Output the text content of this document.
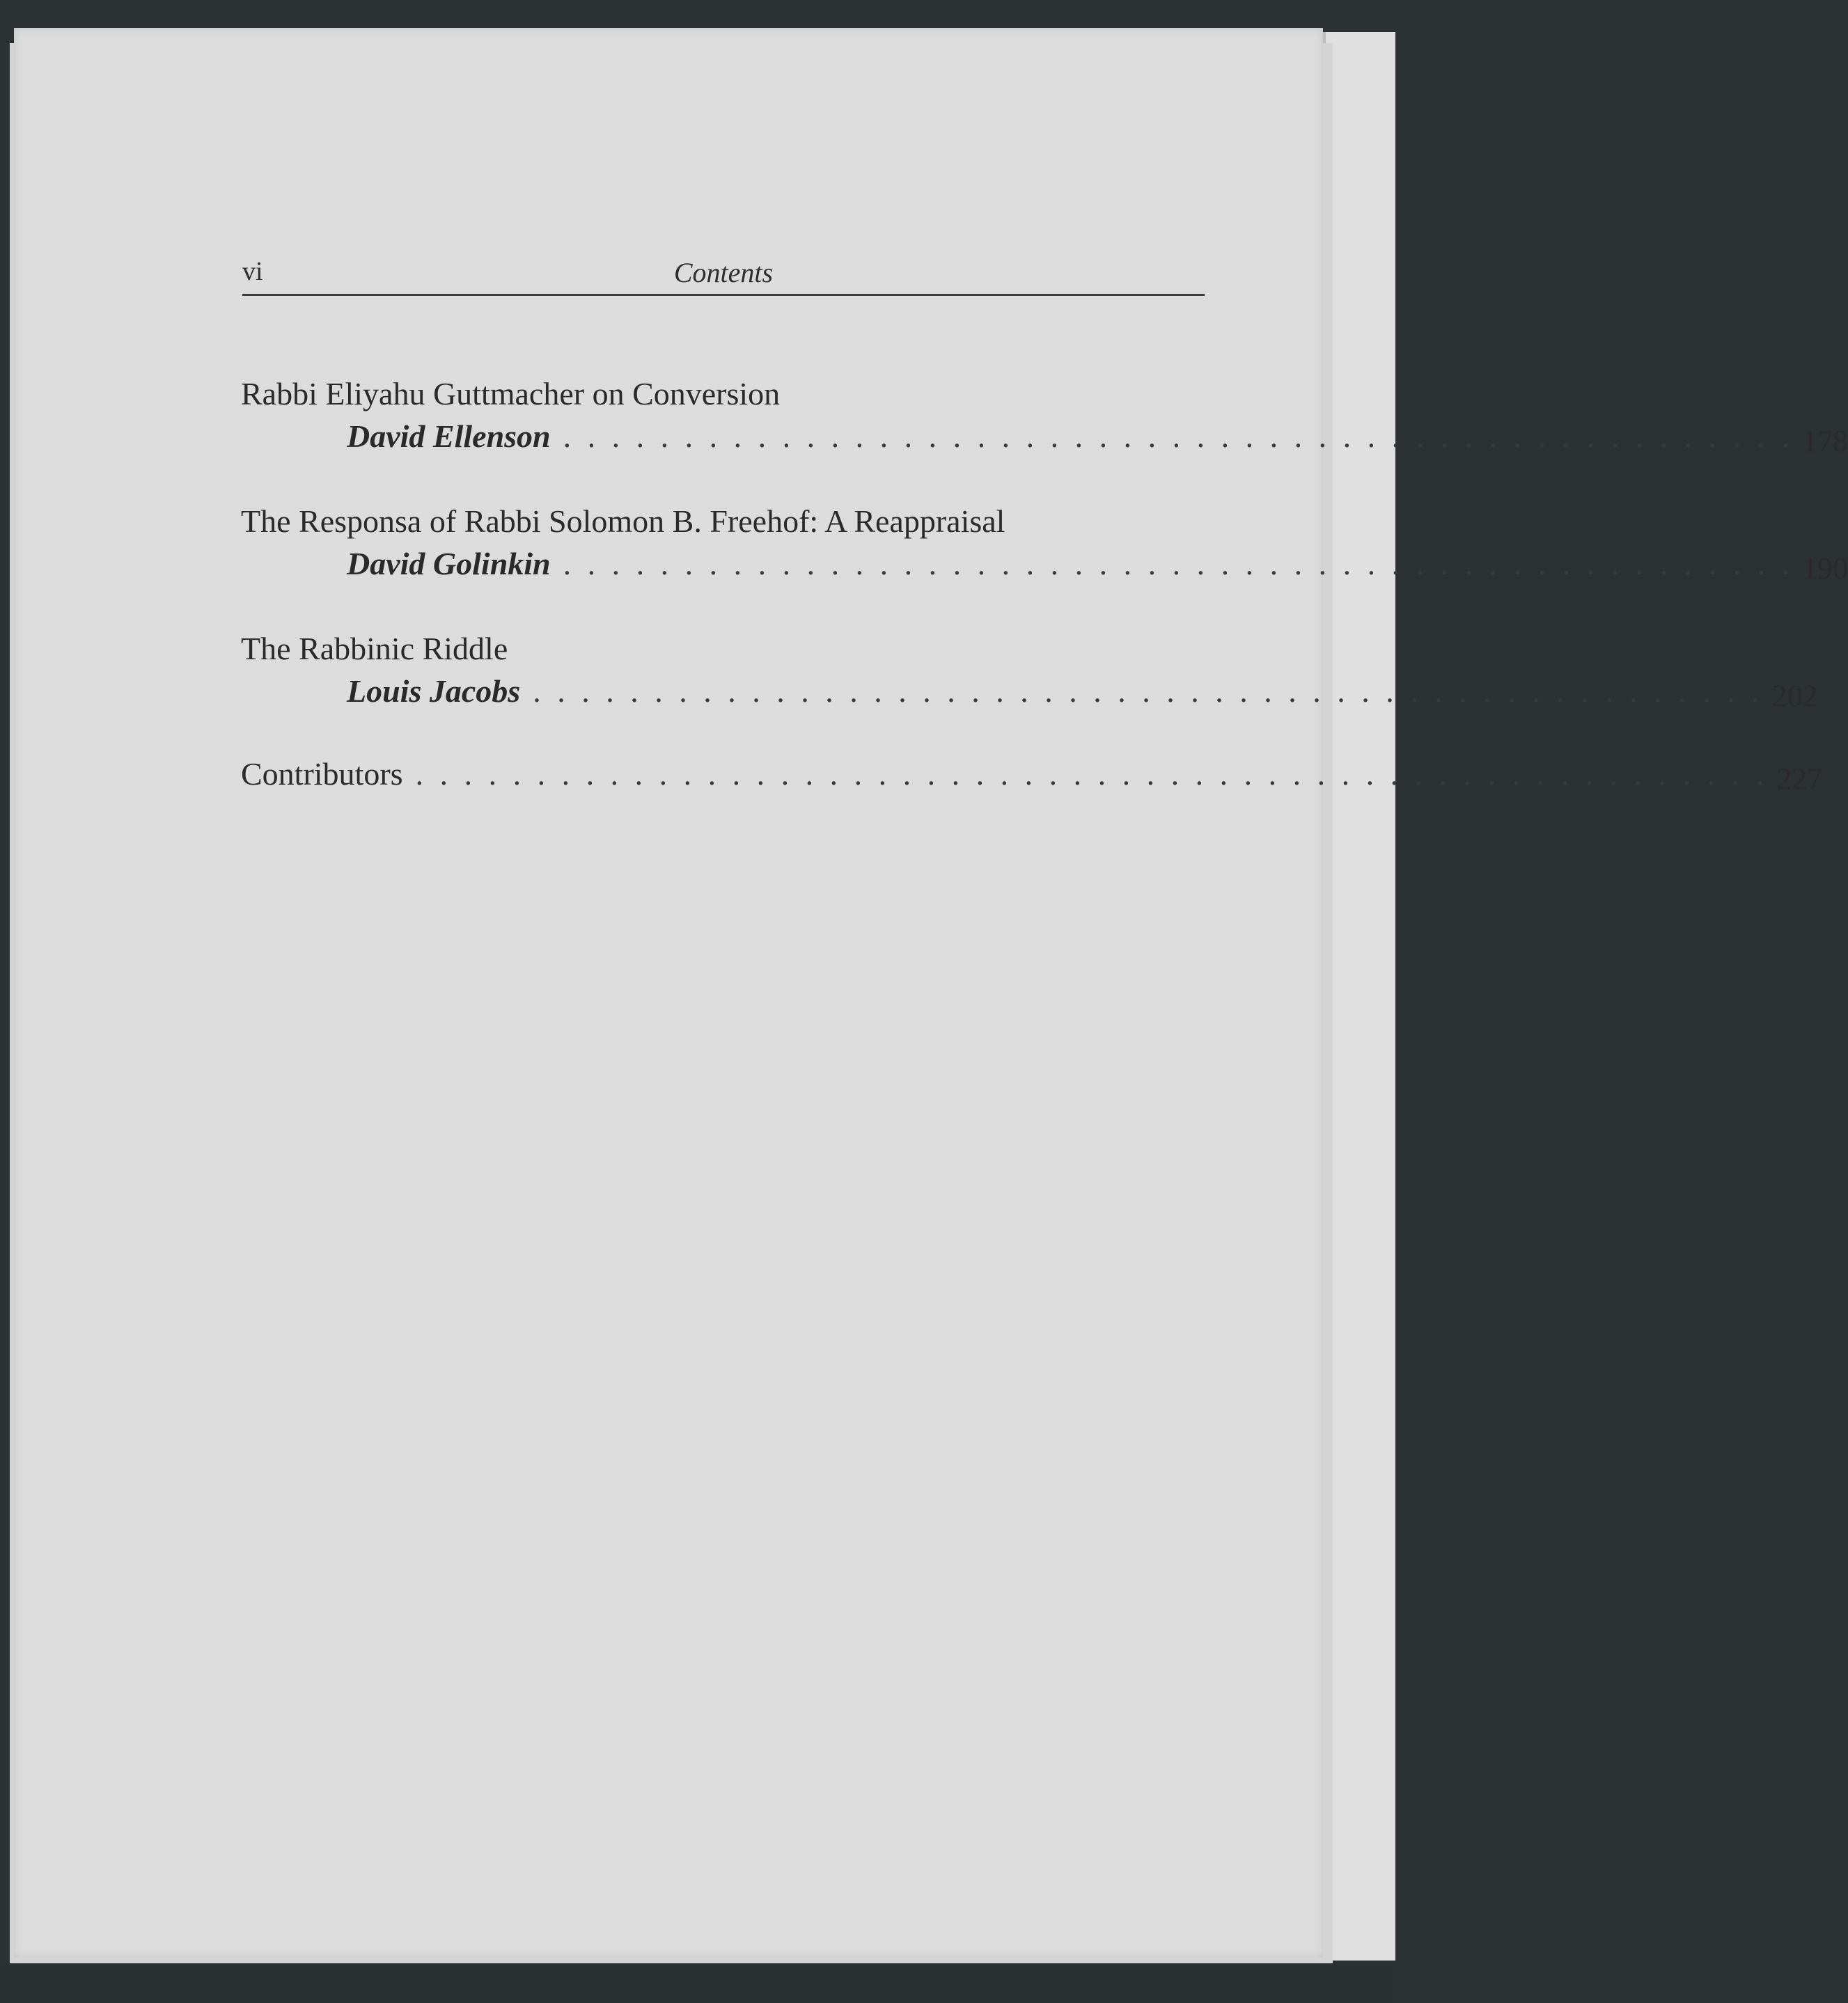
vi	Contents
Rabbi Eliyahu Guttmacher on Conversion
David Ellenson . . . . . . . . . . . . . . . . . . . . . . . . . . . . . . . . . . . . . . . . . . . . . . . . . . . 178
The Responsa of Rabbi Solomon B. Freehof: A Reappraisal
David Golinkin . . . . . . . . . . . . . . . . . . . . . . . . . . . . . . . . . . . . . . . . . . . . . . . . . . . 190
The Rabbinic Riddle
Louis Jacobs . . . . . . . . . . . . . . . . . . . . . . . . . . . . . . . . . . . . . . . . . . . . . . . . . . . 202
Contributors . . . . . . . . . . . . . . . . . . . . . . . . . . . . . . . . . . . . . . . . . . . . . . . . . . . . . . . . 227
